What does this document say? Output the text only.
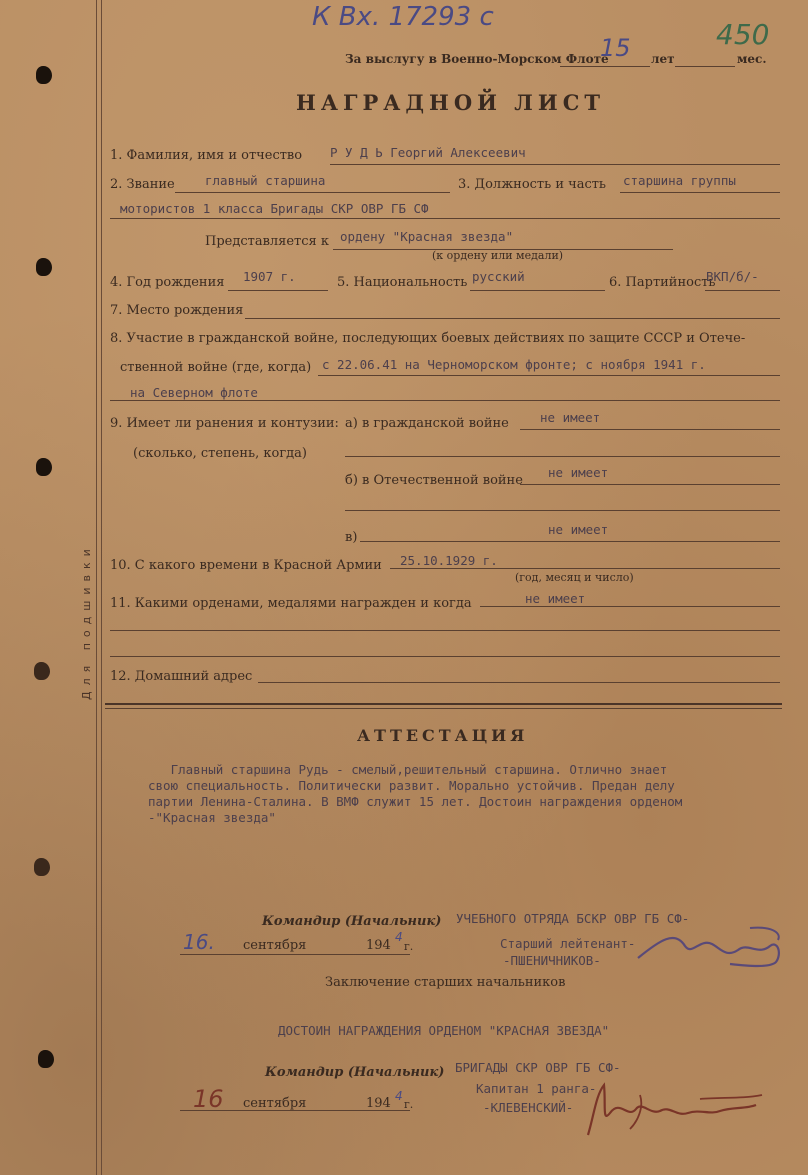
К Вх. 17293 с
450
За выслугу в Военно-Морском Флоте
15 лет	мес.
НАГРАДНОЙ ЛИСТ
Для подшивки
1. Фамилия, имя и отчество Р У Д Ь Георгий Алексеевич
2. Звание главный старшина	3. Должность и часть старшина группы
мотористов 1 класса Бригады СКР ОВР ГБ СФ
Представляется к ордену "Красная звезда"
(к ордену или медали)
4. Год рождения 1907 г.	5. Национальность русский	6. Партийность
ВКП/б/-
7. Место рождения
8. Участие в гражданской войне, последующих боевых действиях по защите СССР и Отече-
ственной войне (где, когда) с 22.06.41 на Черноморском фронте; с ноября 1941 г.
на Северном флоте
9. Имеет ли ранения и контузии: а) в гражданской войне не имеет
(сколько, степень, когда)
б) в Отечественной войне
не имеет
в)
не имеет
10. С какого времени в Красной Армии 25.10.1929 г.
(год, месяц и число)
11. Какими орденами, медалями награжден и когда	не имеет
12. Домашний адрес
АТТЕСТАЦИЯ
Главный старшина Рудь - смелый,решительный старшина. Отлично знает
свою специальность. Политически развит. Морально устойчив. Предан делу
партии Ленина-Сталина. В ВМФ служит 15 лет. Достоин награждения орденом
-"Красная звезда"
Командир (Начальник) УЧЕБНОГО ОТРЯДА БСКР ОВР ГБ СФ-
16. сентября	194
4
г.	Старший лейтенант-
-ПШЕНИЧНИКОВ-
Заключение старших начальников
ДОСТОИН НАГРАЖДЕНИЯ ОРДЕНОМ "КРАСНАЯ ЗВЕЗДА"
Командир (Начальник) БРИГАДЫ СКР ОВР ГБ СФ-
16 сентября	194 4
г.
Капитан 1 ранга-
-КЛЕВЕНСКИЙ-
